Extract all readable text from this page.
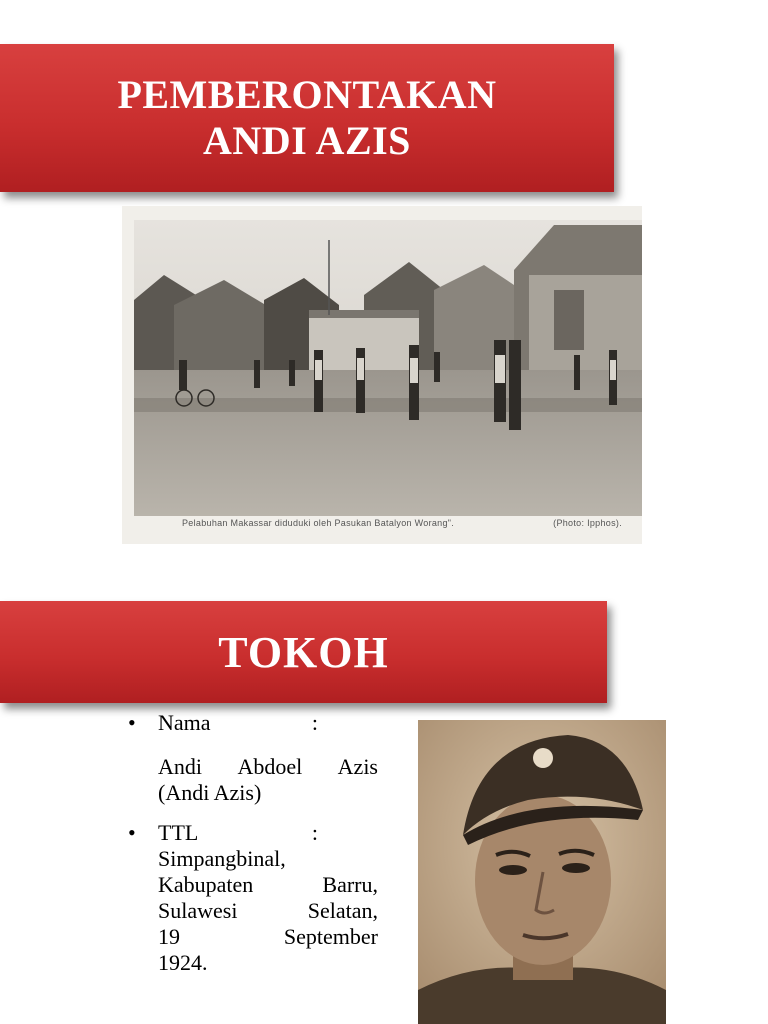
PEMBERONTAKAN
ANDI AZIS
Pelabuhan Makassar diduduki oleh Pasukan Batalyon Worang".	(Photo: Ipphos).
TOKOH
• Nama	:
Andi Abdoel Azis
(Andi Azis)
• TTL	:
Simpangbinal,
Kabupaten	Barru,
Sulawesi	Selatan,
19	September
1924.
